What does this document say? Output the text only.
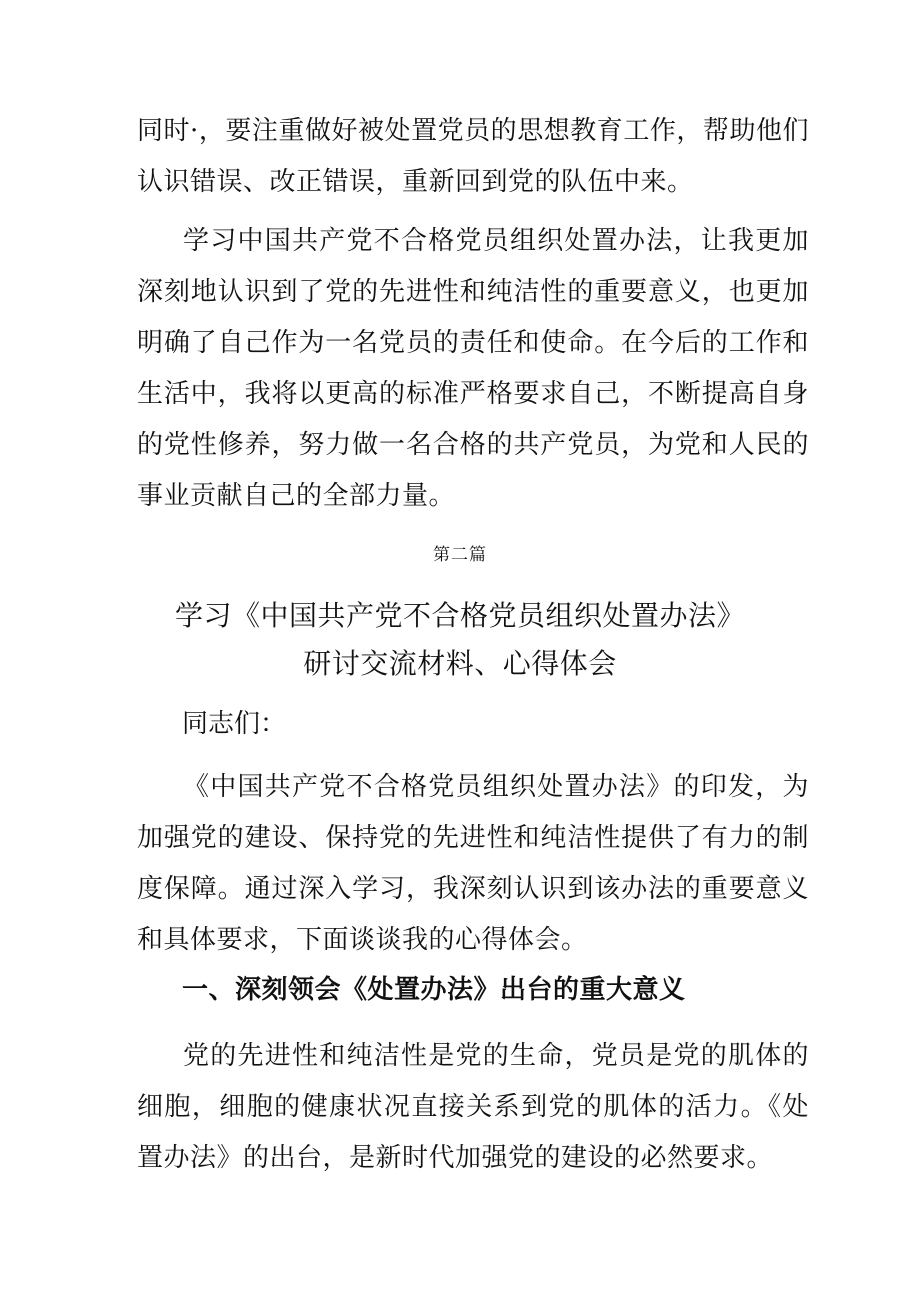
同时·，要注重做好被处置党员的思想教育工作，帮助他们认识错误、改正错误，重新回到党的队伍中来。

学习中国共产党不合格党员组织处置办法，让我更加深刻地认识到了党的先进性和纯洁性的重要意义，也更加明确了自己作为一名党员的责任和使命。在今后的工作和生活中，我将以更高的标准严格要求自己，不断提高自身的党性修养，努力做一名合格的共产党员，为党和人民的事业贡献自己的全部力量。

第二篇
学习《中国共产党不合格党员组织处置办法》
研讨交流材料、心得体会
同志们：

《中国共产党不合格党员组织处置办法》的印发，为加强党的建设、保持党的先进性和纯洁性提供了有力的制度保障。通过深入学习，我深刻认识到该办法的重要意义和具体要求，下面谈谈我的心得体会。

一、深刻领会《处置办法》出台的重大意义

党的先进性和纯洁性是党的生命，党员是党的肌体的细胞，细胞的健康状况直接关系到党的肌体的活力。《处置办法》的出台，是新时代加强党的建设的必然要求。
